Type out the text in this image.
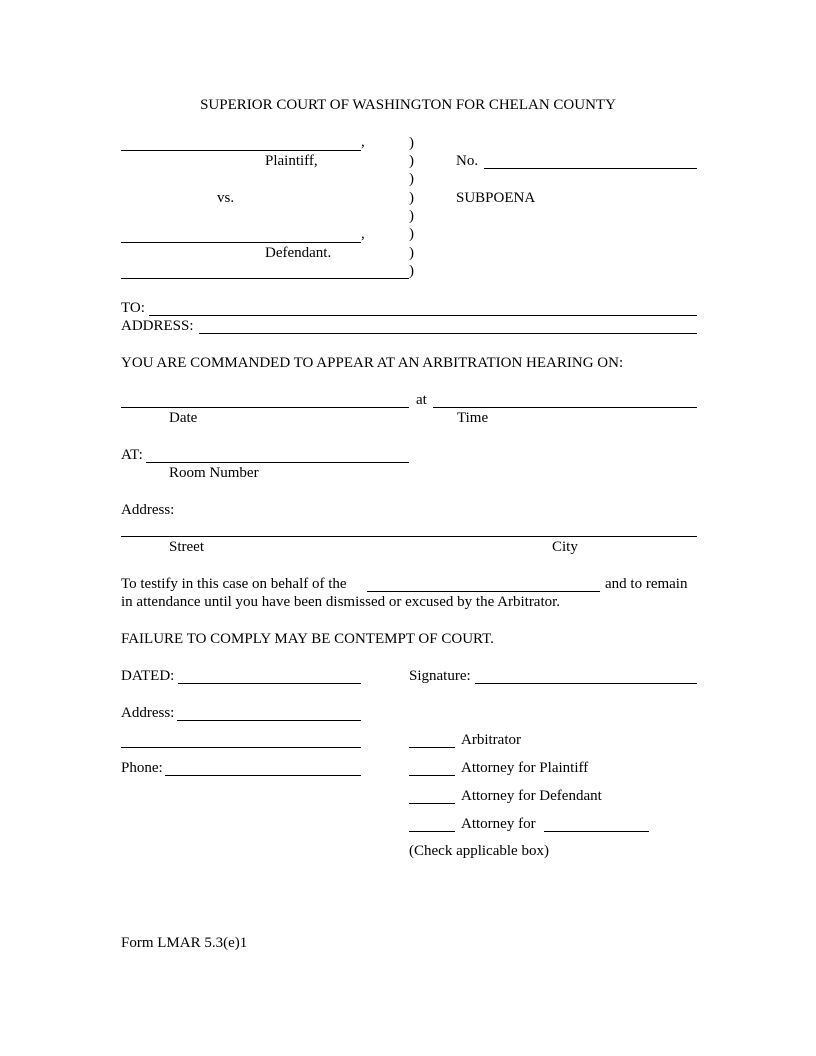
SUPERIOR COURT OF WASHINGTON FOR CHELAN COUNTY
,
Plaintiff,
vs.
,
Defendant.
)
)
)
)
)
)
)
)
No.
SUBPOENA
TO:
ADDRESS:
YOU ARE COMMANDED TO APPEAR AT AN ARBITRATION HEARING ON:
at
Date	Time
AT:
Room Number
Address:
Street	City
To testify in this case on behalf of the	and to remain
in attendance until you have been dismissed or excused by the Arbitrator.
FAILURE TO COMPLY MAY BE CONTEMPT OF COURT.
DATED:	Signature:
Address:
Phone:
Arbitrator
Attorney for Plaintiff
Attorney for Defendant
Attorney for
(Check applicable box)
Form LMAR 5.3(e)1
